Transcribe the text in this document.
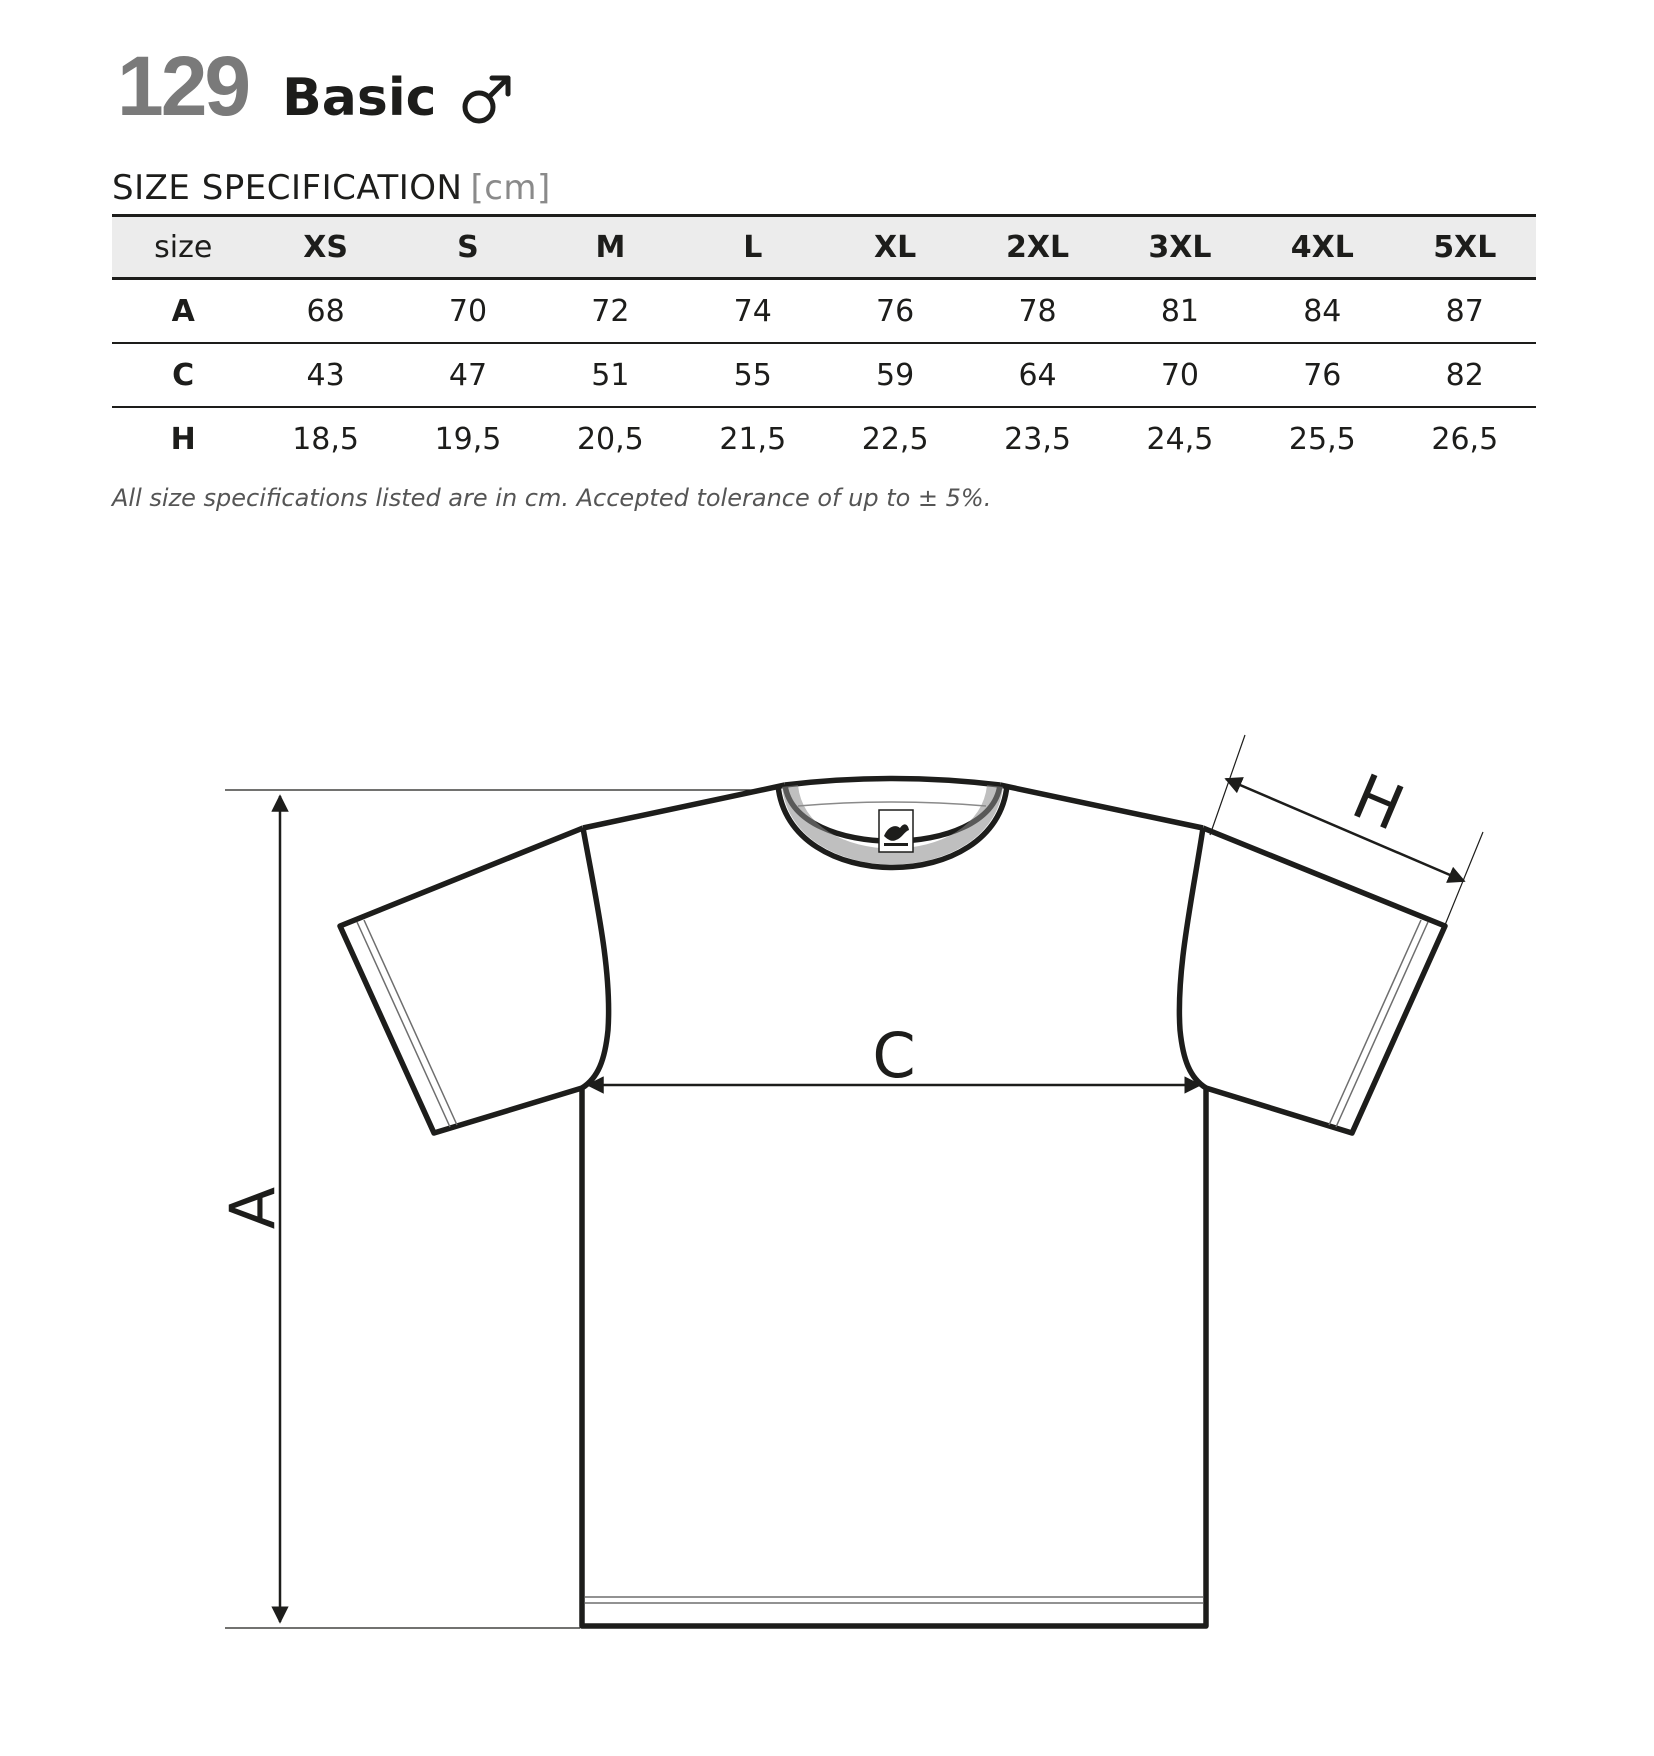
129 Basic
SIZE SPECIFICATION [cm]
size	XS	S	M	L	XL	2XL	3XL	4XL	5XL
A	68	70	72	74	76	78	81	84	87
C	43	47	51	55	59	64	70	76	82
H	18,5	19,5	20,5	21,5	22,5	23,5	24,5	25,5	26,5
All size specifications listed are in cm. Accepted tolerance of up to ± 5%.
A
C
H
